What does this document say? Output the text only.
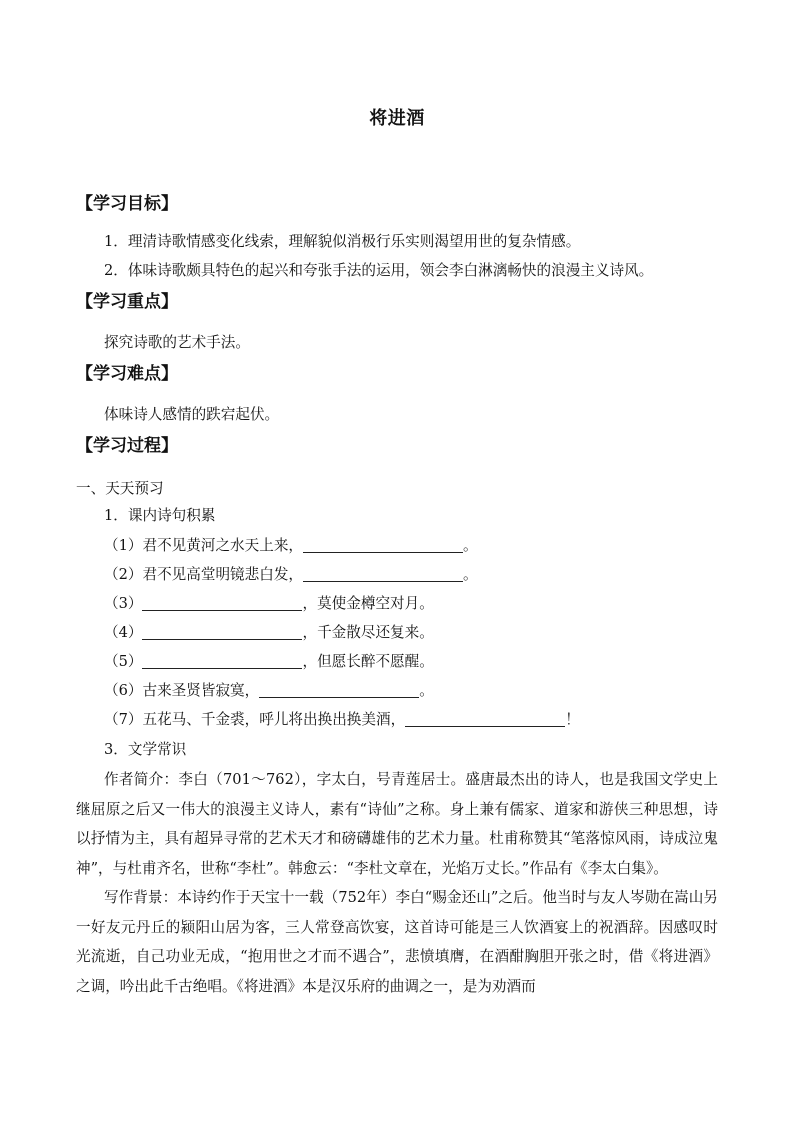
将进酒
【学习目标】
1．理清诗歌情感变化线索，理解貌似消极行乐实则渴望用世的复杂情感。
2．体味诗歌颇具特色的起兴和夸张手法的运用，领会李白淋漓畅快的浪漫主义诗风。
【学习重点】
探究诗歌的艺术手法。
【学习难点】
体味诗人感情的跌宕起伏。
【学习过程】
一、天天预习
1．课内诗句积累
（1）君不见黄河之水天上来，	。
（2）君不见高堂明镜悲白发，	。
（3）	，莫使金樽空对月。
（4）	，千金散尽还复来。
（5）	，但愿长醉不愿醒。
（6）古来圣贤皆寂寞，	。
（7）五花马、千金裘，呼儿将出换出换美酒，	！
3．文学常识
作者简介：李白（701～762），字太白，号青莲居士。盛唐最杰出的诗人，也是我国文学史上继屈原之后又一伟大的浪漫主义诗人，素有“诗仙”之称。身上兼有儒家、道家和游侠三种思想，诗以抒情为主，具有超异寻常的艺术天才和磅礴雄伟的艺术力量。杜甫称赞其“笔落惊风雨，诗成泣鬼神”，与杜甫齐名，世称“李杜”。韩愈云：“李杜文章在，光焰万丈长。”作品有《李太白集》。
写作背景：本诗约作于天宝十一载（752年）李白“赐金还山”之后。他当时与友人岑勋在嵩山另一好友元丹丘的颍阳山居为客，三人常登高饮宴，这首诗可能是三人饮酒宴上的祝酒辞。因感叹时光流逝，自己功业无成，“抱用世之才而不遇合”，悲愤填膺，在酒酣胸胆开张之时，借《将进酒》之调，吟出此千古绝唱。《将进酒》本是汉乐府的曲调之一，是为劝酒而
